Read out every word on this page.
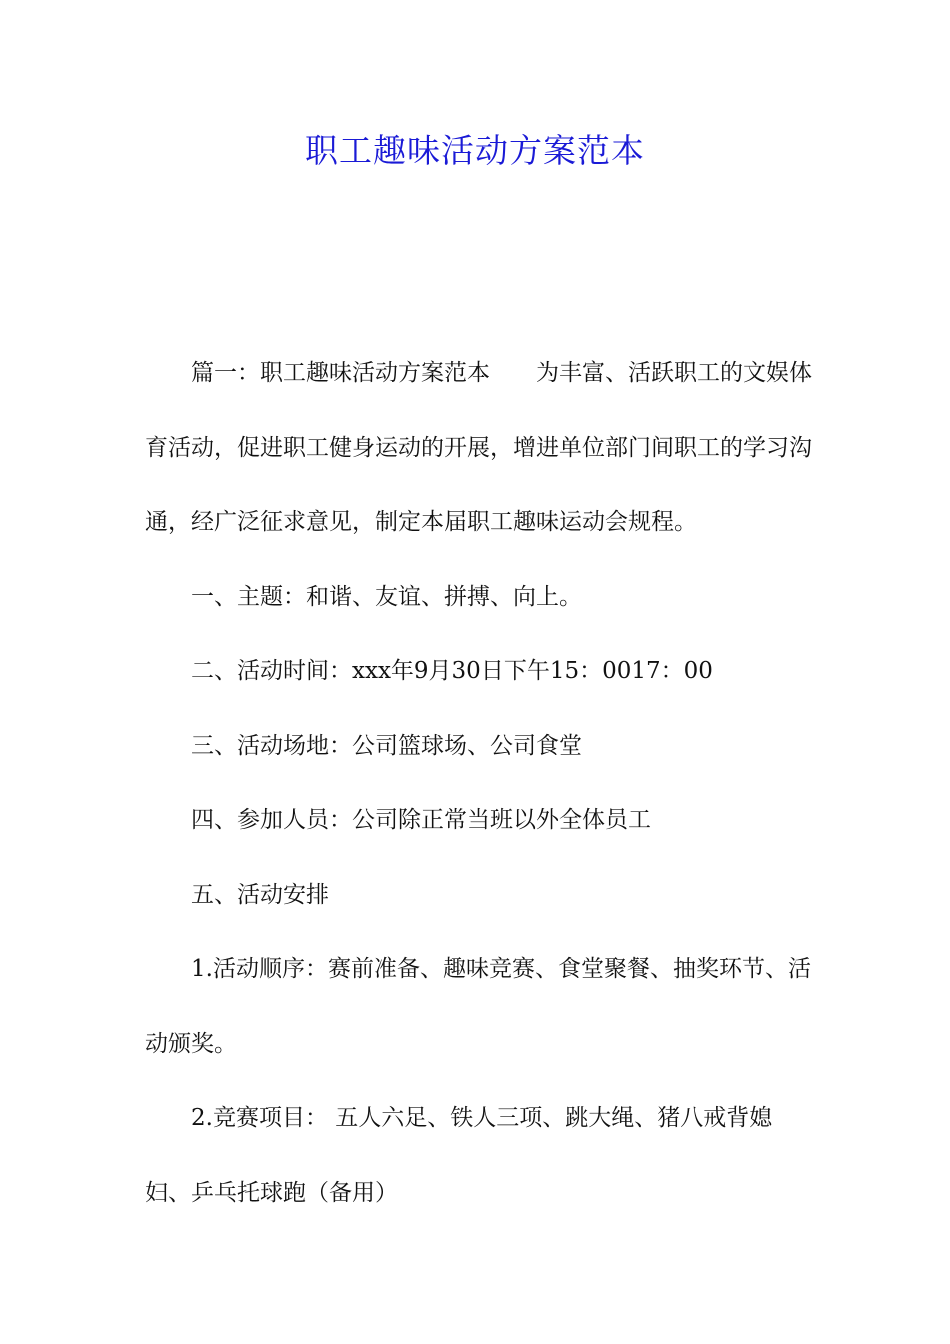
职工趣味活动方案范本

篇一：职工趣味活动方案范本 为丰富、活跃职工的文娱体育活动，促进职工健身运动的开展，增进单位部门间职工的学习沟通，经广泛征求意见，制定本届职工趣味运动会规程。

一、主题：和谐、友谊、拼搏、向上。

二、活动时间：xxx年9月30日下午15：0017：00

三、活动场地：公司篮球场、公司食堂

四、参加人员：公司除正常当班以外全体员工

五、活动安排

1.活动顺序：赛前准备、趣味竞赛、食堂聚餐、抽奖环节、活动颁奖。

2.竞赛项目： 五人六足、铁人三项、跳大绳、猪八戒背媳妇、乒乓托球跑（备用）
